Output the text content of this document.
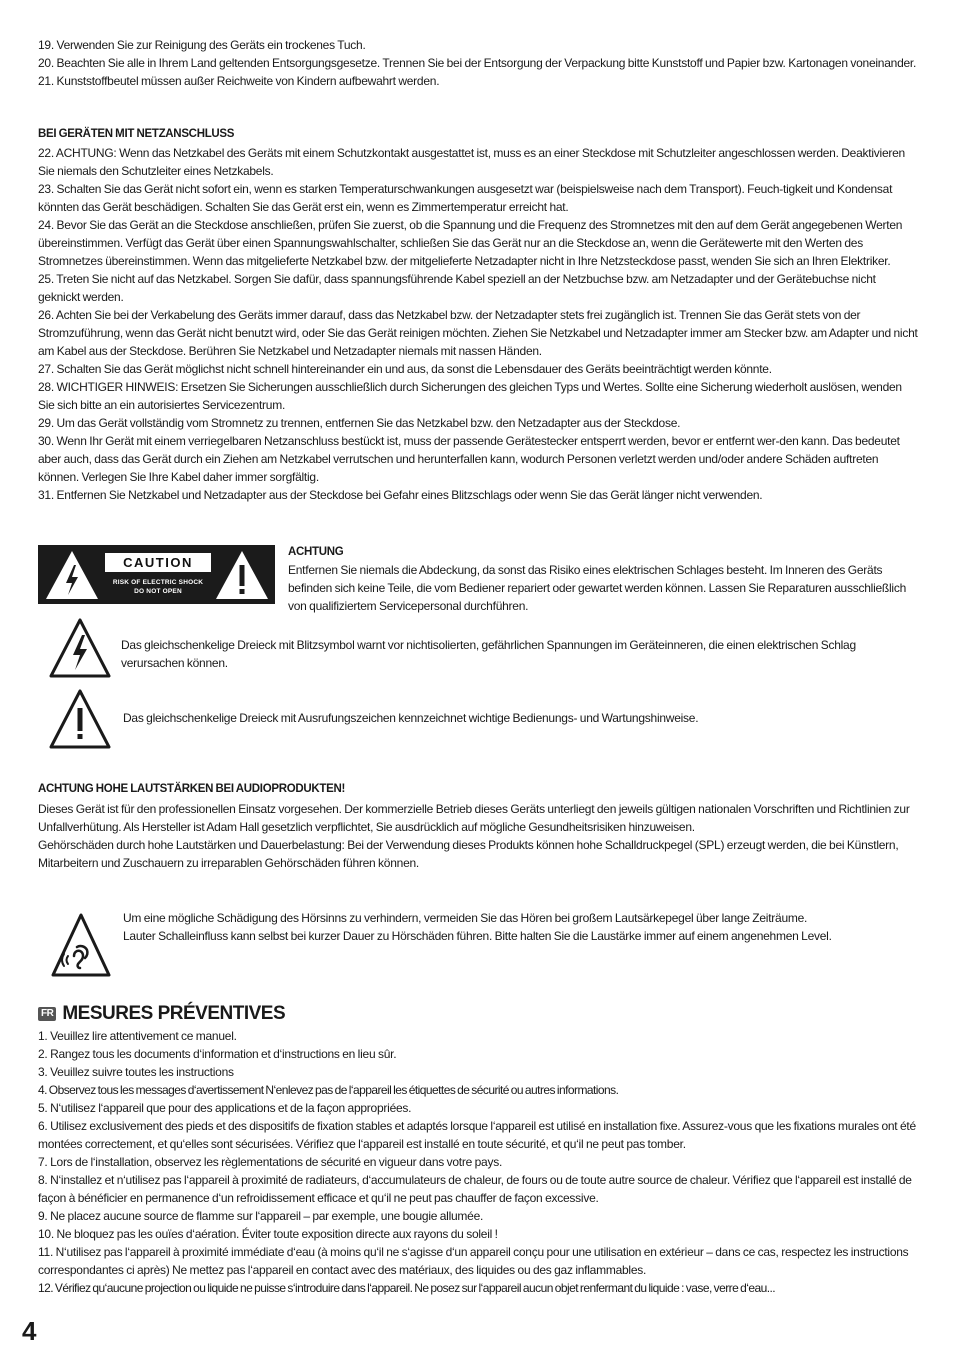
19. Verwenden Sie zur Reinigung des Geräts ein trockenes Tuch.

20. Beachten Sie alle in Ihrem Land geltenden Entsorgungsgesetze. Trennen Sie bei der Entsorgung der Verpackung bitte Kunststoff und Papier bzw. Kartonagen voneinander.

21. Kunststoffbeutel müssen außer Reichweite von Kindern aufbewahrt werden.

BEI GERÄTEN MIT NETZANSCHLUSS

22. ACHTUNG: Wenn das Netzkabel des Geräts mit einem Schutzkontakt ausgestattet ist, muss es an einer Steckdose mit Schutzleiter angeschlossen werden. Deaktivieren Sie niemals den Schutzleiter eines Netzkabels.

23. Schalten Sie das Gerät nicht sofort ein, wenn es starken Temperaturschwankungen ausgesetzt war (beispielsweise nach dem Transport). Feuch-tigkeit und Kondensat könnten das Gerät beschädigen. Schalten Sie das Gerät erst ein, wenn es Zimmertemperatur erreicht hat.

24. Bevor Sie das Gerät an die Steckdose anschließen, prüfen Sie zuerst, ob die Spannung und die Frequenz des Stromnetzes mit den auf dem Gerät angegebenen Werten übereinstimmen. Verfügt das Gerät über einen Spannungswahlschalter, schließen Sie das Gerät nur an die Steckdose an, wenn die Gerätewerte mit den Werten des Stromnetzes übereinstimmen. Wenn das mitgelieferte Netzkabel bzw. der mitgelieferte Netzadapter nicht in Ihre Netzsteckdose passt, wenden Sie sich an Ihren Elektriker.

25. Treten Sie nicht auf das Netzkabel. Sorgen Sie dafür, dass spannungsführende Kabel speziell an der Netzbuchse bzw. am Netzadapter und der Gerätebuchse nicht geknickt werden.

26. Achten Sie bei der Verkabelung des Geräts immer darauf, dass das Netzkabel bzw. der Netzadapter stets frei zugänglich ist. Trennen Sie das Gerät stets von der Stromzuführung, wenn das Gerät nicht benutzt wird, oder Sie das Gerät reinigen möchten. Ziehen Sie Netzkabel und Netzadapter immer am Stecker bzw. am Adapter und nicht am Kabel aus der Steckdose. Berühren Sie Netzkabel und Netzadapter niemals mit nassen Händen.

27. Schalten Sie das Gerät möglichst nicht schnell hintereinander ein und aus, da sonst die Lebensdauer des Geräts beeinträchtigt werden könnte.

28. WICHTIGER HINWEIS: Ersetzen Sie Sicherungen ausschließlich durch Sicherungen des gleichen Typs und Wertes. Sollte eine Sicherung wiederholt auslösen, wenden Sie sich bitte an ein autorisiertes Servicezentrum.

29. Um das Gerät vollständig vom Stromnetz zu trennen, entfernen Sie das Netzkabel bzw. den Netzadapter aus der Steckdose.

30. Wenn Ihr Gerät mit einem verriegelbaren Netzanschluss bestückt ist, muss der passende Gerätestecker entsperrt werden, bevor er entfernt wer-den kann. Das bedeutet aber auch, dass das Gerät durch ein Ziehen am Netzkabel verrutschen und herunterfallen kann, wodurch Personen verletzt werden und/oder andere Schäden auftreten können. Verlegen Sie Ihre Kabel daher immer sorgfältig.

31. Entfernen Sie Netzkabel und Netzadapter aus der Steckdose bei Gefahr eines Blitzschlags oder wenn Sie das Gerät länger nicht verwenden.

CAUTION
RISK OF ELECTRIC SHOCK
DO NOT OPEN

ACHTUNG

Entfernen Sie niemals die Abdeckung, da sonst das Risiko eines elektrischen Schlages besteht. Im Inneren des Geräts befinden sich keine Teile, die vom Bediener repariert oder gewartet werden können. Lassen Sie Reparaturen ausschließlich von qualifiziertem Servicepersonal durchführen.

Das gleichschenkelige Dreieck mit Blitzsymbol warnt vor nichtisolierten, gefährlichen Spannungen im Geräteinneren, die einen elektrischen Schlag verursachen können.
Das gleichschenkelige Dreieck mit Ausrufungszeichen kennzeichnet wichtige Bedienungs- und Wartungshinweise.

ACHTUNG HOHE LAUTSTÄRKEN BEI AUDIOPRODUKTEN!

Dieses Gerät ist für den professionellen Einsatz vorgesehen. Der kommerzielle Betrieb dieses Geräts unterliegt den jeweils gültigen nationalen Vorschriften und Richtlinien zur Unfallverhütung. Als Hersteller ist Adam Hall gesetzlich verpflichtet, Sie ausdrücklich auf mögliche Gesundheitsrisiken hinzuweisen.

Gehörschäden durch hohe Lautstärken und Dauerbelastung: Bei der Verwendung dieses Produkts können hohe Schalldruckpegel (SPL) erzeugt werden, die bei Künstlern, Mitarbeitern und Zuschauern zu irreparablen Gehörschäden führen können.

Um eine mögliche Schädigung des Hörsinns zu verhindern, vermeiden Sie das Hören bei großem Lautsärkepegel über lange Zeiträume.

Lauter Schalleinfluss kann selbst bei kurzer Dauer zu Hörschäden führen. Bitte halten Sie die Laustärke immer auf einem angenehmen Level.

FR MESURES PRÉVENTIVES

1. Veuillez lire attentivement ce manuel.

2. Rangez tous les documents d‘information et d‘instructions en lieu sûr.

3. Veuillez suivre toutes les instructions

4. Observez tous les messages d‘avertissement N‘enlevez pas de l‘appareil les étiquettes de sécurité ou autres informations.

5. N‘utilisez l‘appareil que pour des applications et de la façon appropriées.

6. Utilisez exclusivement des pieds et des dispositifs de fixation stables et adaptés lorsque l‘appareil est utilisé en installation fixe. Assurez-vous que les fixations murales ont été montées correctement, et qu‘elles sont sécurisées. Vérifiez que l‘appareil est installé en toute sécurité, et qu‘il ne peut pas tomber.

7. Lors de l‘installation, observez les règlementations de sécurité en vigueur dans votre pays.

8. N‘installez et n‘utilisez pas l‘appareil à proximité de radiateurs, d‘accumulateurs de chaleur, de fours ou de toute autre source de chaleur. Vérifiez que l‘appareil est installé de façon à bénéficier en permanence d‘un refroidissement efficace et qu‘il ne peut pas chauffer de façon excessive.

9. Ne placez aucune source de flamme sur l‘appareil – par exemple, une bougie allumée.

10. Ne bloquez pas les ouïes d‘aération. Éviter toute exposition directe aux rayons du soleil !

11. N‘utilisez pas l‘appareil à proximité immédiate d‘eau (à moins qu‘il ne s‘agisse d‘un appareil conçu pour une utilisation en extérieur – dans ce cas, respectez les instructions correspondantes ci après) Ne mettez pas l‘appareil en contact avec des matériaux, des liquides ou des gaz inflammables.

12. Vérifiez qu‘aucune projection ou liquide ne puisse s‘introduire dans l‘appareil. Ne posez sur l‘appareil aucun objet renfermant du liquide : vase, verre d‘eau...

4
